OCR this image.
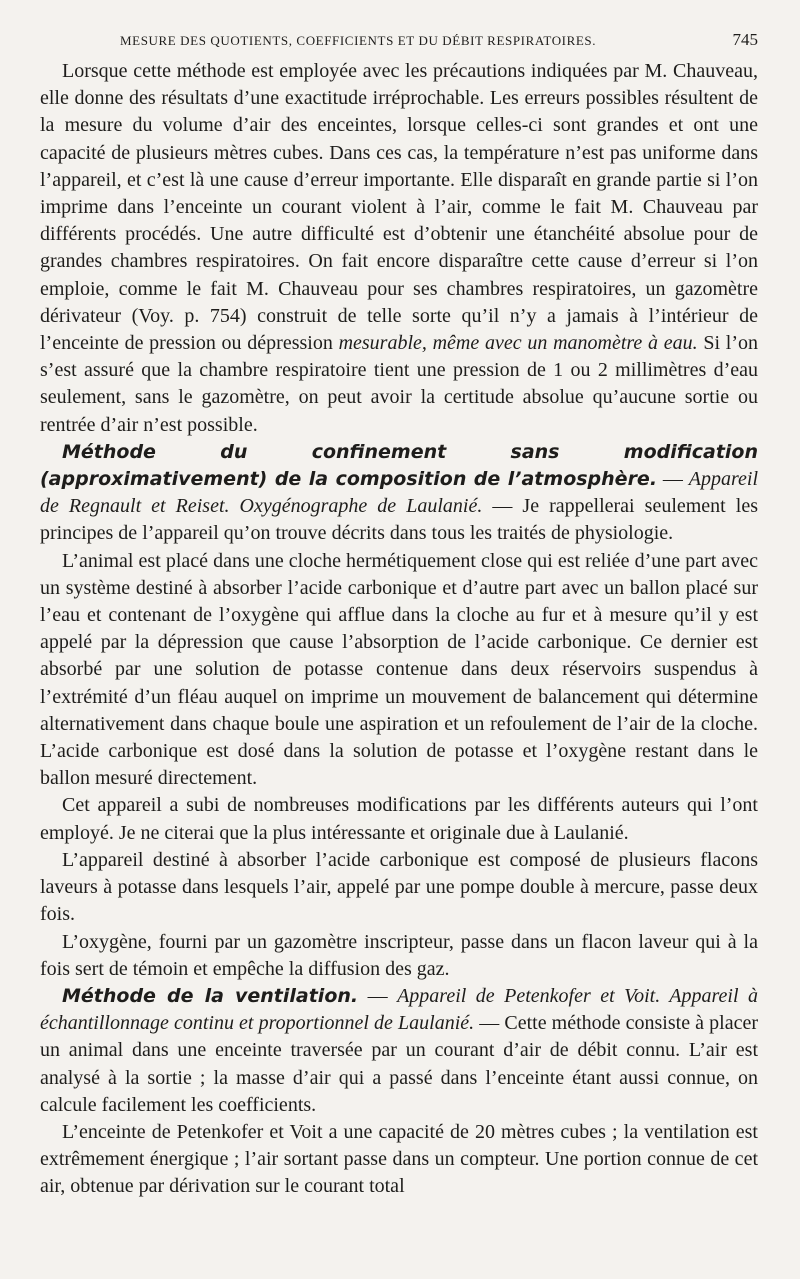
MESURE DES QUOTIENTS, COEFFICIENTS ET DU DÉBIT RESPIRATOIRES.	745

Lorsque cette méthode est employée avec les précautions indiquées par M. Chauveau, elle donne des résultats d’une exactitude irréprochable. Les erreurs possibles résultent de la mesure du volume d’air des enceintes, lorsque celles-ci sont grandes et ont une capacité de plusieurs mètres cubes. Dans ces cas, la température n’est pas uniforme dans l’appareil, et c’est là une cause d’erreur importante. Elle disparaît en grande partie si l’on imprime dans l’enceinte un courant violent à l’air, comme le fait M. Chauveau par différents procédés. Une autre difficulté est d’obtenir une étanchéité absolue pour de grandes chambres respiratoires. On fait encore disparaître cette cause d’erreur si l’on emploie, comme le fait M. Chauveau pour ses chambres respiratoires, un gazomètre dérivateur (Voy. p. 754) construit de telle sorte qu’il n’y a jamais à l’intérieur de l’enceinte de pression ou dépression mesurable, même avec un manomètre à eau. Si l’on s’est assuré que la chambre respiratoire tient une pression de 1 ou 2 millimètres d’eau seulement, sans le gazomètre, on peut avoir la certitude absolue qu’aucune sortie ou rentrée d’air n’est possible.

Méthode du confinement sans modification (approximativement) de la composition de l’atmosphère. — Appareil de Regnault et Reiset. Oxygénographe de Laulanié. — Je rappellerai seulement les principes de l’appareil qu’on trouve décrits dans tous les traités de physiologie.

L’animal est placé dans une cloche hermétiquement close qui est reliée d’une part avec un système destiné à absorber l’acide carbonique et d’autre part avec un ballon placé sur l’eau et contenant de l’oxygène qui afflue dans la cloche au fur et à mesure qu’il y est appelé par la dépression que cause l’absorption de l’acide carbonique. Ce dernier est absorbé par une solution de potasse contenue dans deux réservoirs suspendus à l’extrémité d’un fléau auquel on imprime un mouvement de balancement qui détermine alternativement dans chaque boule une aspiration et un refoulement de l’air de la cloche. L’acide carbonique est dosé dans la solution de potasse et l’oxygène restant dans le ballon mesuré directement.

Cet appareil a subi de nombreuses modifications par les différents auteurs qui l’ont employé. Je ne citerai que la plus intéressante et originale due à Laulanié.

L’appareil destiné à absorber l’acide carbonique est composé de plusieurs flacons laveurs à potasse dans lesquels l’air, appelé par une pompe double à mercure, passe deux fois.

L’oxygène, fourni par un gazomètre inscripteur, passe dans un flacon laveur qui à la fois sert de témoin et empêche la diffusion des gaz.

Méthode de la ventilation. — Appareil de Petenkofer et Voit. Appareil à échantillonnage continu et proportionnel de Laulanié. — Cette méthode consiste à placer un animal dans une enceinte traversée par un courant d’air de débit connu. L’air est analysé à la sortie ; la masse d’air qui a passé dans l’enceinte étant aussi connue, on calcule facilement les coefficients.

L’enceinte de Petenkofer et Voit a une capacité de 20 mètres cubes ; la ventilation est extrêmement énergique ; l’air sortant passe dans un compteur. Une portion connue de cet air, obtenue par dérivation sur le courant total
